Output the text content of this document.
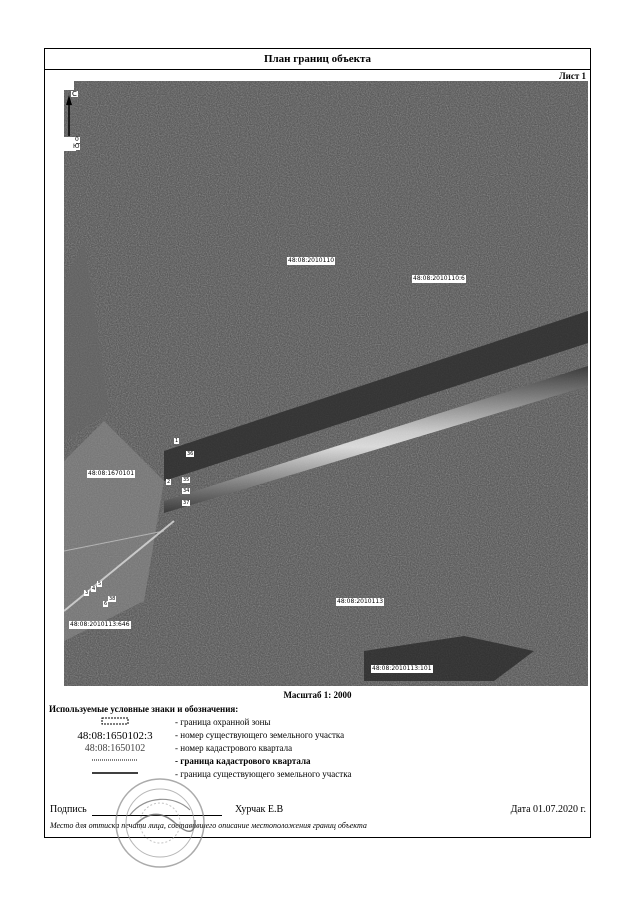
План границ объекта
Лист 1
С
0
Ю
48:08:2010110
48:08:2010110:6
48:08:1670101
48:08:2010113
48:08:2010113:646
48:08:2010113:101
1
36
35
34
37
2
3
4
5
6
38
Масштаб 1: 2000
Используемые условные знаки и обозначения:
- граница охранной зоны
48:08:1650102:3 - номер существующего земельного участка
48:08:1650102	- номер кадастрового квартала
- граница кадастрового квартала
- граница существующего земельного участка
Подпись	Хурчак Е.В	Дата 01.07.2020 г.
Место для оттиска печати лица, составившего описание местоположения границ объекта
